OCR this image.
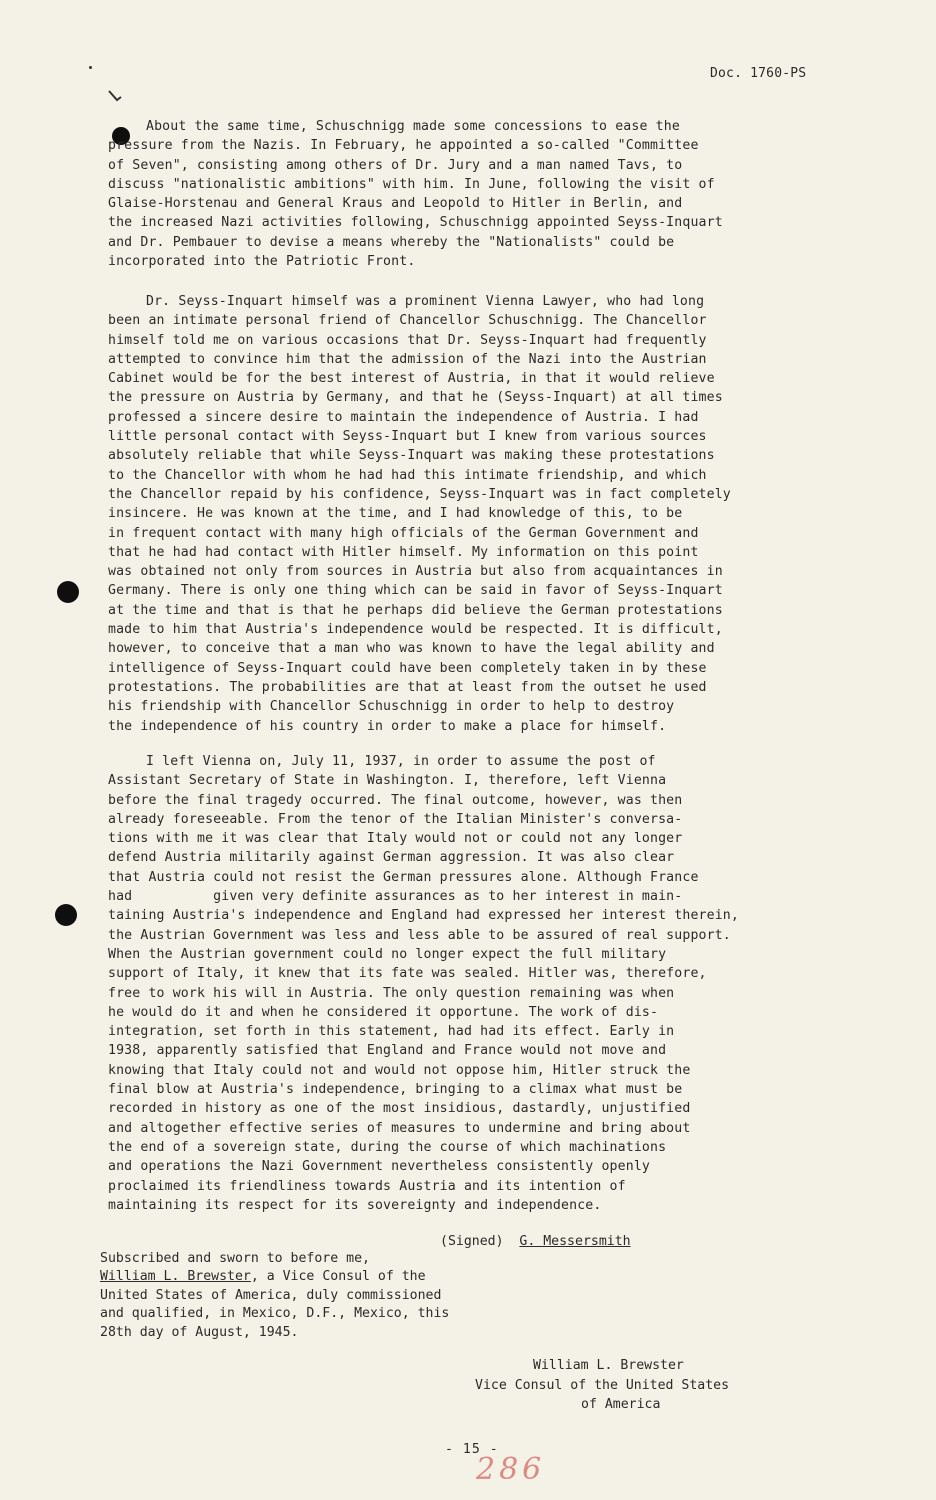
Doc. 1760-PS
About the same time, Schuschnigg made some concessions to ease the
pressure from the Nazis. In February, he appointed a so-called "Committee
of Seven", consisting among others of Dr. Jury and a man named Tavs, to
discuss "nationalistic ambitions" with him. In June, following the visit of
Glaise-Horstenau and General Kraus and Leopold to Hitler in Berlin, and
the increased Nazi activities following, Schuschnigg appointed Seyss-Inquart
and Dr. Pembauer to devise a means whereby the "Nationalists" could be
incorporated into the Patriotic Front.
Dr. Seyss-Inquart himself was a prominent Vienna Lawyer, who had long
been an intimate personal friend of Chancellor Schuschnigg. The Chancellor
himself told me on various occasions that Dr. Seyss-Inquart had frequently
attempted to convince him that the admission of the Nazi into the Austrian
Cabinet would be for the best interest of Austria, in that it would relieve
the pressure on Austria by Germany, and that he (Seyss-Inquart) at all times
professed a sincere desire to maintain the independence of Austria. I had
little personal contact with Seyss-Inquart but I knew from various sources
absolutely reliable that while Seyss-Inquart was making these protestations
to the Chancellor with whom he had had this intimate friendship, and which
the Chancellor repaid by his confidence, Seyss-Inquart was in fact completely
insincere. He was known at the time, and I had knowledge of this, to be
in frequent contact with many high officials of the German Government and
that he had had contact with Hitler himself. My information on this point
was obtained not only from sources in Austria but also from acquaintances in
Germany. There is only one thing which can be said in favor of Seyss-Inquart
at the time and that is that he perhaps did believe the German protestations
made to him that Austria's independence would be respected. It is difficult,
however, to conceive that a man who was known to have the legal ability and
intelligence of Seyss-Inquart could have been completely taken in by these
protestations. The probabilities are that at least from the outset he used
his friendship with Chancellor Schuschnigg in order to help to destroy
the independence of his country in order to make a place for himself.
I left Vienna on, July 11, 1937, in order to assume the post of
Assistant Secretary of State in Washington. I, therefore, left Vienna
before the final tragedy occurred. The final outcome, however, was then
already foreseeable. From the tenor of the Italian Minister's conversa-
tions with me it was clear that Italy would not or could not any longer
defend Austria militarily against German aggression. It was also clear
that Austria could not resist the German pressures alone. Although France
had          given very definite assurances as to her interest in main-
taining Austria's independence and England had expressed her interest therein,
the Austrian Government was less and less able to be assured of real support.
When the Austrian government could no longer expect the full military
support of Italy, it knew that its fate was sealed. Hitler was, therefore,
free to work his will in Austria. The only question remaining was when
he would do it and when he considered it opportune. The work of dis-
integration, set forth in this statement, had had its effect. Early in
1938, apparently satisfied that England and France would not move and
knowing that Italy could not and would not oppose him, Hitler struck the
final blow at Austria's independence, bringing to a climax what must be
recorded in history as one of the most insidious, dastardly, unjustified
and altogether effective series of measures to undermine and bring about
the end of a sovereign state, during the course of which machinations
and operations the Nazi Government nevertheless consistently openly
proclaimed its friendliness towards Austria and its intention of
maintaining its respect for its sovereignty and independence.
(Signed) G. Messersmith
Subscribed and sworn to before me,
William L. Brewster, a Vice Consul of the
United States of America, duly commissioned
and qualified, in Mexico, D.F., Mexico, this
28th day of August, 1945.
William L. Brewster
Vice Consul of the United States
of America
- 15 -
286
